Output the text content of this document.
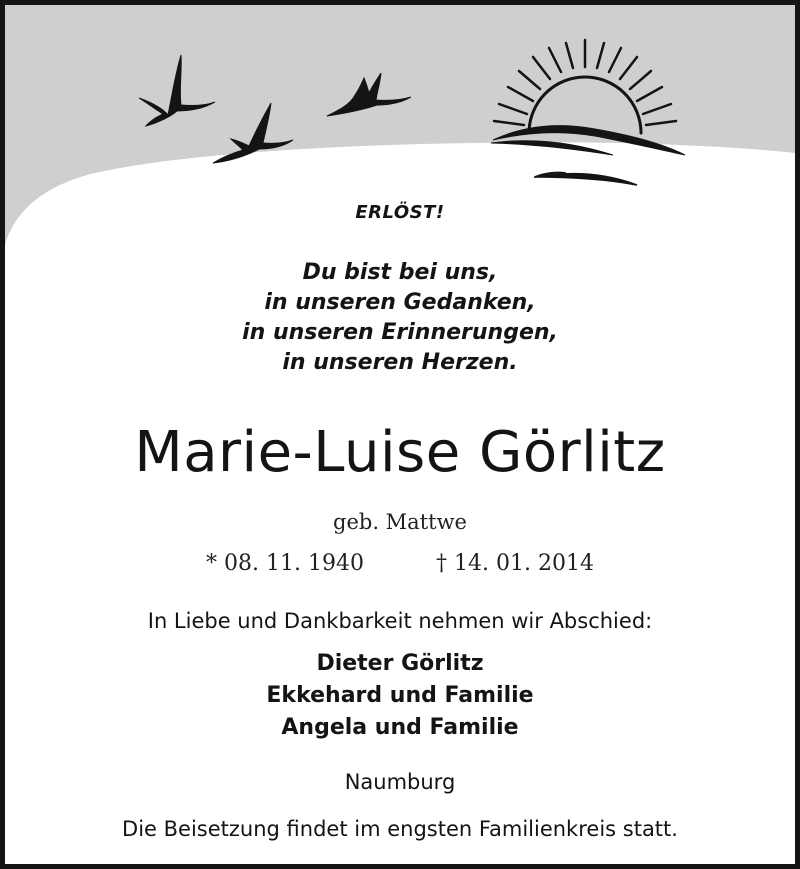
ERLÖST!
Du bist bei uns,
in unseren Gedanken,
in unseren Erinnerungen,
in unseren Herzen.
Marie-Luise Görlitz
geb. Mattwe
* 08. 11. 1940	† 14. 01. 2014
In Liebe und Dankbarkeit nehmen wir Abschied:
Dieter Görlitz
Ekkehard und Familie
Angela und Familie
Naumburg
Die Beisetzung findet im engsten Familienkreis statt.
